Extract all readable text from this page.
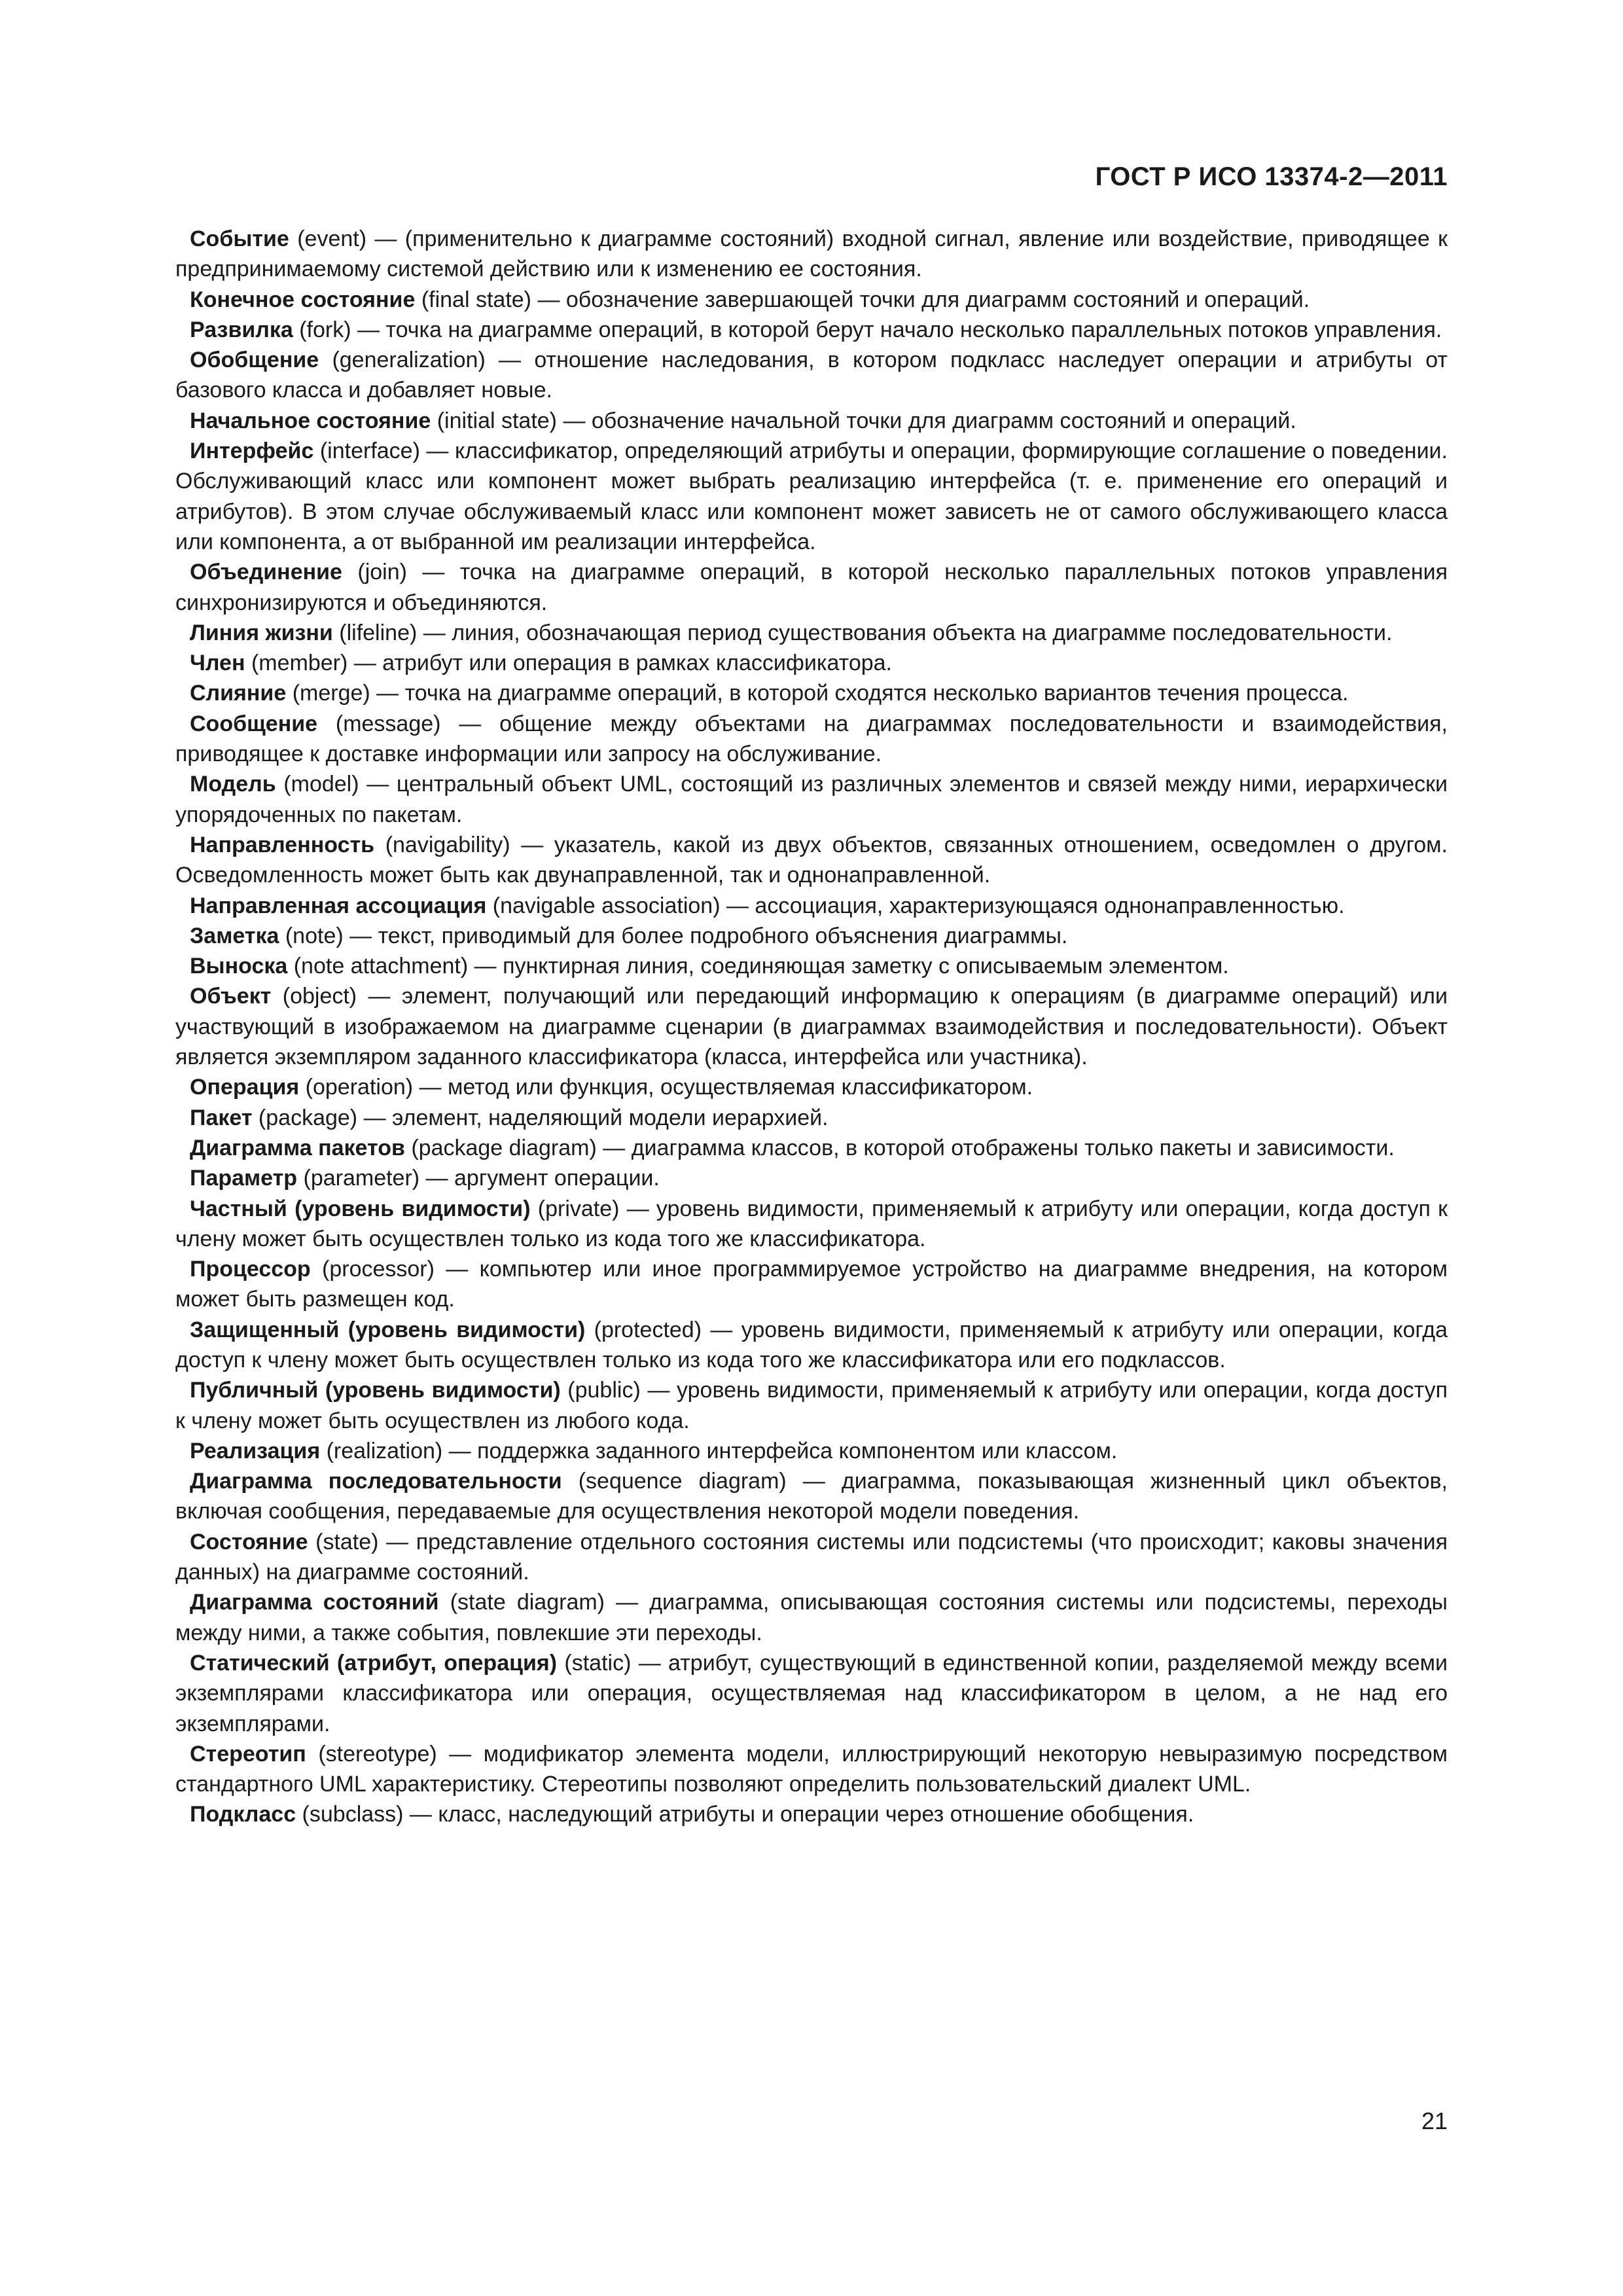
ГОСТ Р ИСО 13374-2—2011

Событие (event) — (применительно к диаграмме состояний) входной сигнал, явление или воздействие, приводящее к предпринимаемому системой действию или к изменению ее состояния.

Конечное состояние (final state) — обозначение завершающей точки для диаграмм состояний и операций.

Развилка (fork) — точка на диаграмме операций, в которой берут начало несколько параллельных потоков управления.

Обобщение (generalization) — отношение наследования, в котором подкласс наследует операции и атрибуты от базового класса и добавляет новые.

Начальное состояние (initial state) — обозначение начальной точки для диаграмм состояний и операций.

Интерфейс (interface) — классификатор, определяющий атрибуты и операции, формирующие соглашение о поведении. Обслуживающий класс или компонент может выбрать реализацию интерфейса (т. е. применение его операций и атрибутов). В этом случае обслуживаемый класс или компонент может зависеть не от самого обслуживающего класса или компонента, а от выбранной им реализации интерфейса.

Объединение (join) — точка на диаграмме операций, в которой несколько параллельных потоков управления синхронизируются и объединяются.

Линия жизни (lifeline) — линия, обозначающая период существования объекта на диаграмме последовательности.

Член (member) — атрибут или операция в рамках классификатора.

Слияние (merge) — точка на диаграмме операций, в которой сходятся несколько вариантов течения процесса.

Сообщение (message) — общение между объектами на диаграммах последовательности и взаимодействия, приводящее к доставке информации или запросу на обслуживание.

Модель (model) — центральный объект UML, состоящий из различных элементов и связей между ними, иерархически упорядоченных по пакетам.

Направленность (navigability) — указатель, какой из двух объектов, связанных отношением, осведомлен о другом. Осведомленность может быть как двунаправленной, так и однонаправленной.

Направленная ассоциация (navigable association) — ассоциация, характеризующаяся однонаправленностью.

Заметка (note) — текст, приводимый для более подробного объяснения диаграммы.

Выноска (note attachment) — пунктирная линия, соединяющая заметку с описываемым элементом.

Объект (object) — элемент, получающий или передающий информацию к операциям (в диаграмме операций) или участвующий в изображаемом на диаграмме сценарии (в диаграммах взаимодействия и последовательности). Объект является экземпляром заданного классификатора (класса, интерфейса или участника).

Операция (operation) — метод или функция, осуществляемая классификатором.

Пакет (package) — элемент, наделяющий модели иерархией.

Диаграмма пакетов (package diagram) — диаграмма классов, в которой отображены только пакеты и зависимости.

Параметр (parameter) — аргумент операции.

Частный (уровень видимости) (private) — уровень видимости, применяемый к атрибуту или операции, когда доступ к члену может быть осуществлен только из кода того же классификатора.

Процессор (processor) — компьютер или иное программируемое устройство на диаграмме внедрения, на котором может быть размещен код.

Защищенный (уровень видимости) (protected) — уровень видимости, применяемый к атрибуту или операции, когда доступ к члену может быть осуществлен только из кода того же классификатора или его подклассов.

Публичный (уровень видимости) (public) — уровень видимости, применяемый к атрибуту или операции, когда доступ к члену может быть осуществлен из любого кода.

Реализация (realization) — поддержка заданного интерфейса компонентом или классом.

Диаграмма последовательности (sequence diagram) — диаграмма, показывающая жизненный цикл объектов, включая сообщения, передаваемые для осуществления некоторой модели поведения.

Состояние (state) — представление отдельного состояния системы или подсистемы (что происходит; каковы значения данных) на диаграмме состояний.

Диаграмма состояний (state diagram) — диаграмма, описывающая состояния системы или подсистемы, переходы между ними, а также события, повлекшие эти переходы.

Статический (атрибут, операция) (static) — атрибут, существующий в единственной копии, разделяемой между всеми экземплярами классификатора или операция, осуществляемая над классификатором в целом, а не над его экземплярами.

Стереотип (stereotype) — модификатор элемента модели, иллюстрирующий некоторую невыразимую посредством стандартного UML характеристику. Стереотипы позволяют определить пользовательский диалект UML.

Подкласс (subclass) — класс, наследующий атрибуты и операции через отношение обобщения.

21
